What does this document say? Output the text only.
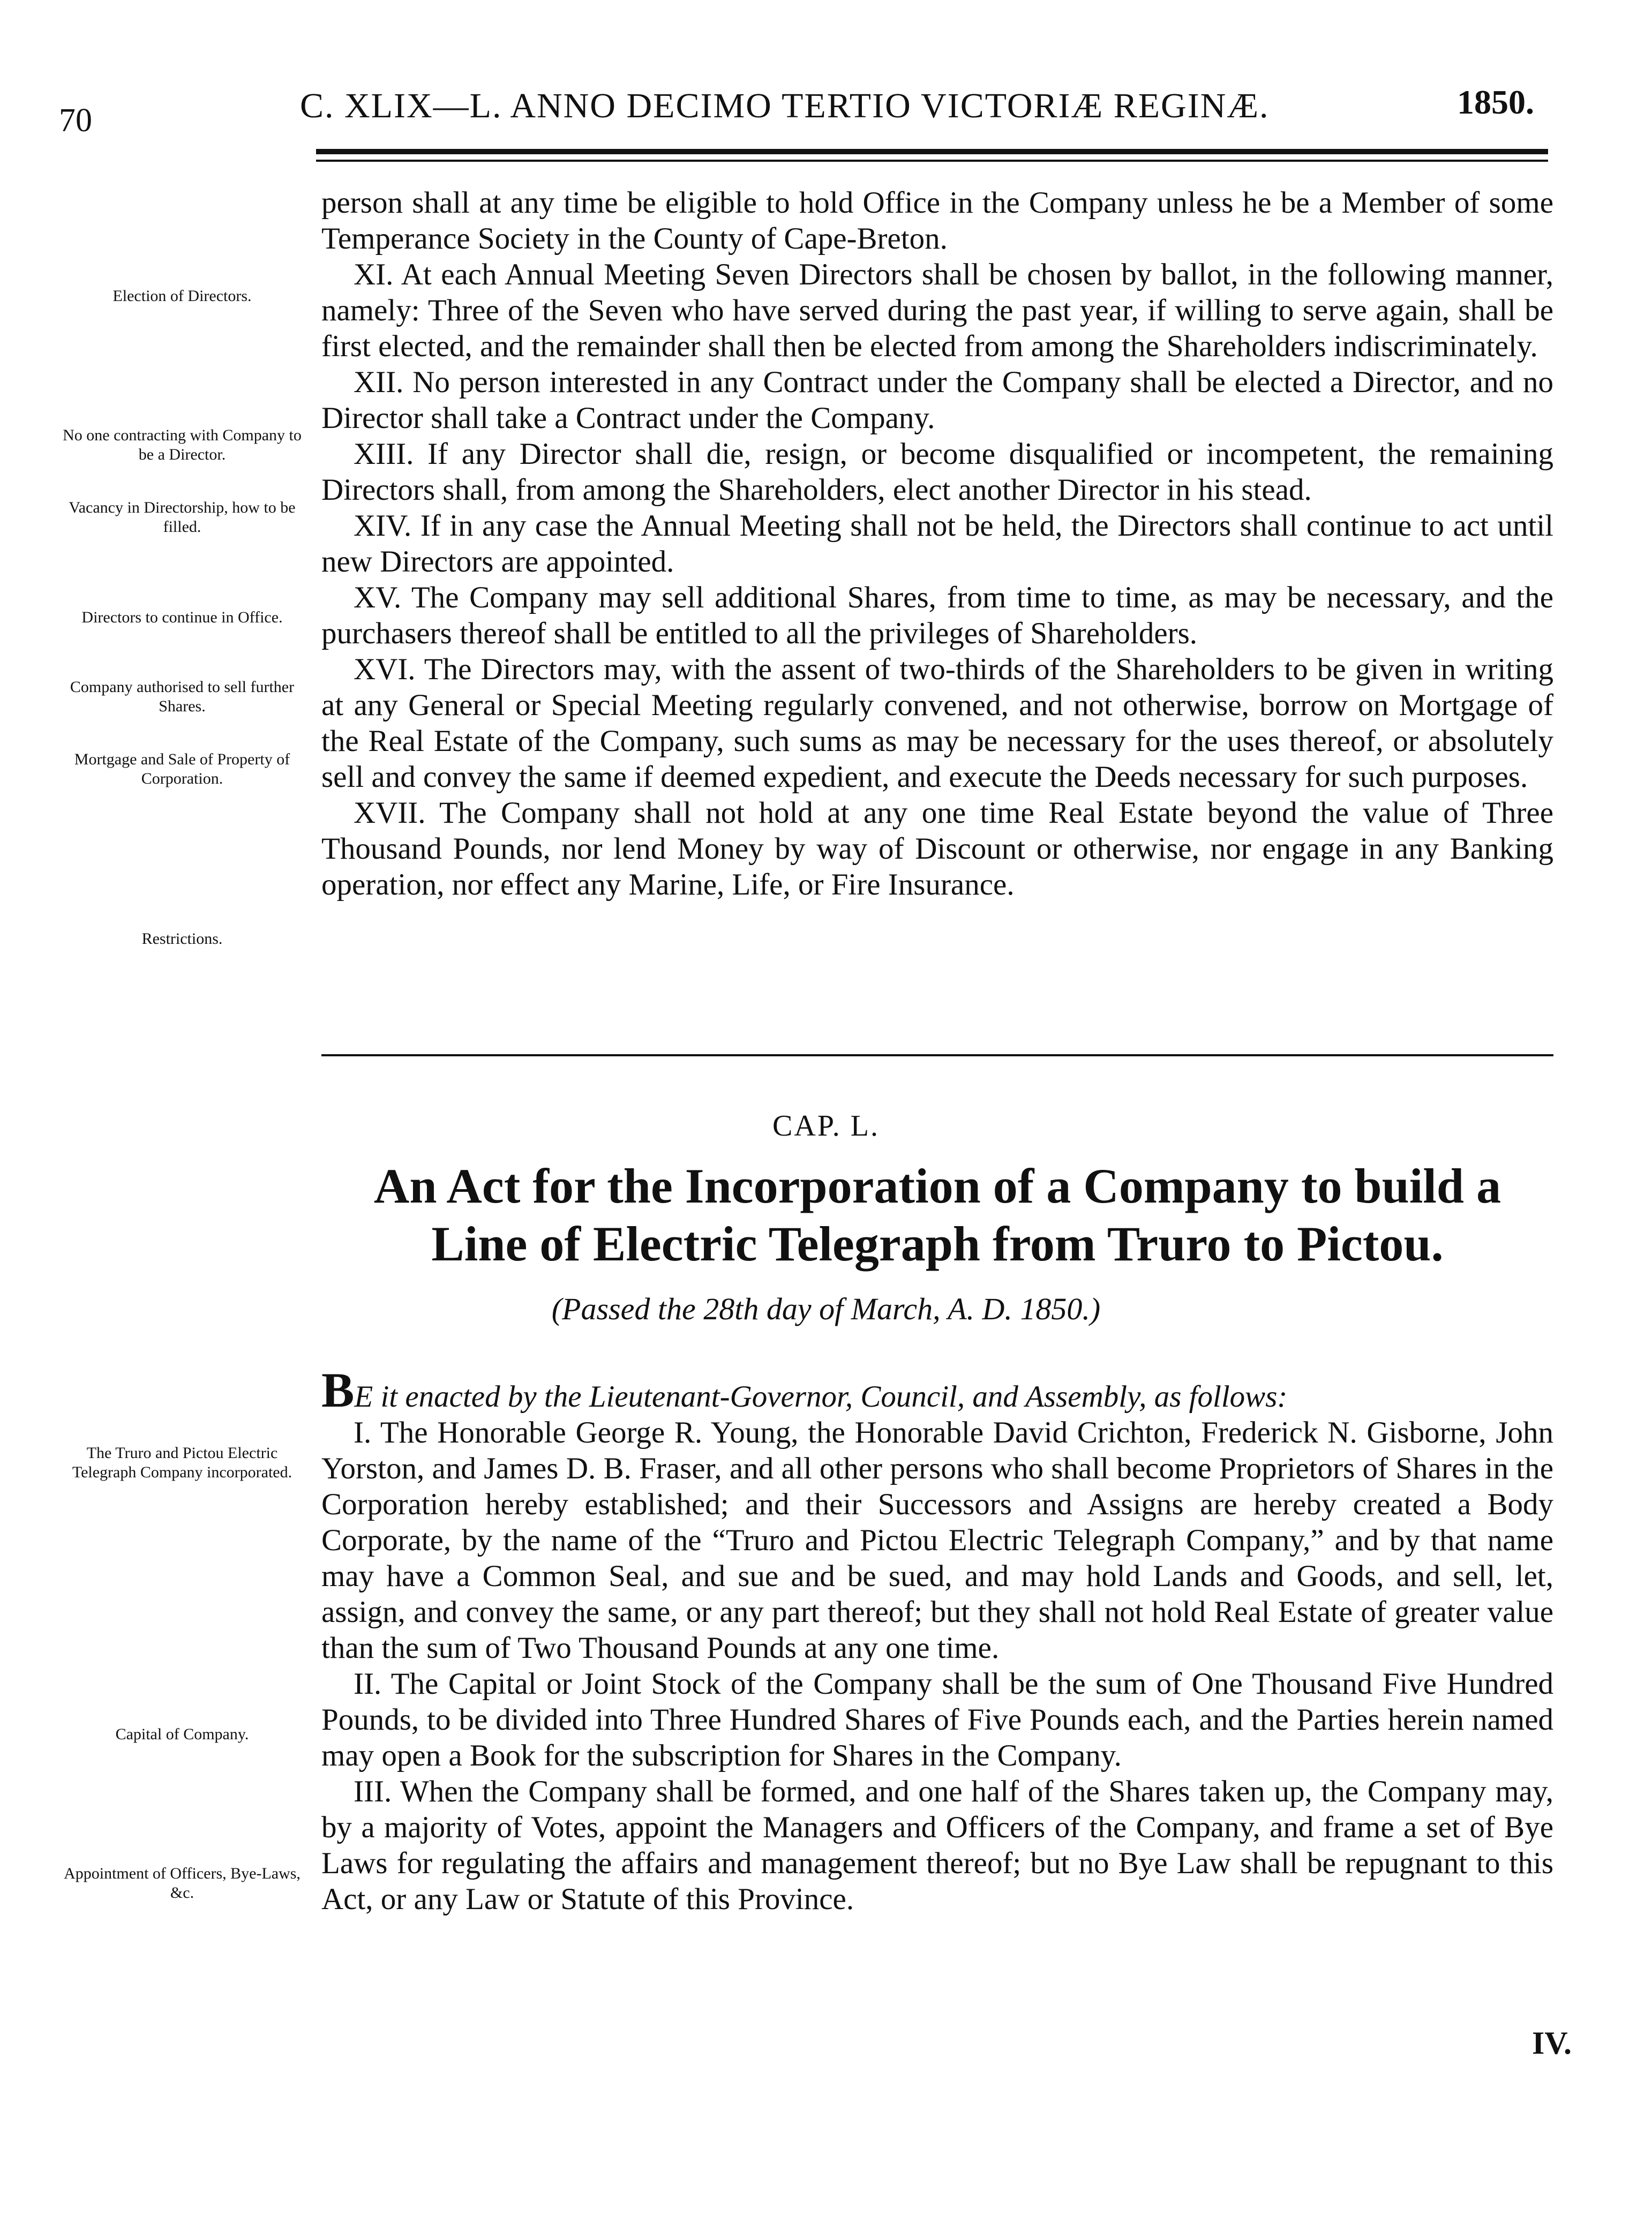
70	C. XLIX—L. ANNO DECIMO TERTIO VICTORIÆ REGINÆ.	1850.
Election of Directors.
No one contracting with Company to be a Director.
Vacancy in Directorship, how to be filled.
Directors to continue in Office.
Company authorised to sell further Shares.
Mortgage and Sale of Property of Corporation.
Restrictions.

person shall at any time be eligible to hold Office in the Company unless he be a Member of some Temperance Society in the County of Cape-Breton.

XI. At each Annual Meeting Seven Directors shall be chosen by ballot, in the following manner, namely: Three of the Seven who have served during the past year, if willing to serve again, shall be first elected, and the remainder shall then be elected from among the Shareholders indiscriminately.

XII. No person interested in any Contract under the Company shall be elected a Director, and no Director shall take a Contract under the Company.

XIII. If any Director shall die, resign, or become disqualified or incompetent, the remaining Directors shall, from among the Shareholders, elect another Director in his stead.

XIV. If in any case the Annual Meeting shall not be held, the Directors shall continue to act until new Directors are appointed.

XV. The Company may sell additional Shares, from time to time, as may be necessary, and the purchasers thereof shall be entitled to all the privileges of Shareholders.

XVI. The Directors may, with the assent of two-thirds of the Shareholders to be given in writing at any General or Special Meeting regularly convened, and not otherwise, borrow on Mortgage of the Real Estate of the Company, such sums as may be necessary for the uses thereof, or absolutely sell and convey the same if deemed expedient, and execute the Deeds necessary for such purposes.

XVII. The Company shall not hold at any one time Real Estate beyond the value of Three Thousand Pounds, nor lend Money by way of Discount or otherwise, nor engage in any Banking operation, nor effect any Marine, Life, or Fire Insurance.

CAP. L.
An Act for the Incorporation of a Company to build a
Line of Electric Telegraph from Truro to Pictou.
(Passed the 28th day of March, A. D. 1850.)
The Truro and Pictou Electric Telegraph Company incorporated.
Capital of Company.
Appointment of Officers, Bye-Laws, &c.

BE it enacted by the Lieutenant-Governor, Council, and Assembly, as follows:

I. The Honorable George R. Young, the Honorable David Crichton, Frederick N. Gisborne, John Yorston, and James D. B. Fraser, and all other persons who shall become Proprietors of Shares in the Corporation hereby established; and their Successors and Assigns are hereby created a Body Corporate, by the name of the “Truro and Pictou Electric Telegraph Company,” and by that name may have a Common Seal, and sue and be sued, and may hold Lands and Goods, and sell, let, assign, and convey the same, or any part thereof; but they shall not hold Real Estate of greater value than the sum of Two Thousand Pounds at any one time.

II. The Capital or Joint Stock of the Company shall be the sum of One Thousand Five Hundred Pounds, to be divided into Three Hundred Shares of Five Pounds each, and the Parties herein named may open a Book for the subscription for Shares in the Company.

III. When the Company shall be formed, and one half of the Shares taken up, the Company may, by a majority of Votes, appoint the Managers and Officers of the Company, and frame a set of Bye Laws for regulating the affairs and management thereof; but no Bye Law shall be repugnant to this Act, or any Law or Statute of this Province.

IV.
